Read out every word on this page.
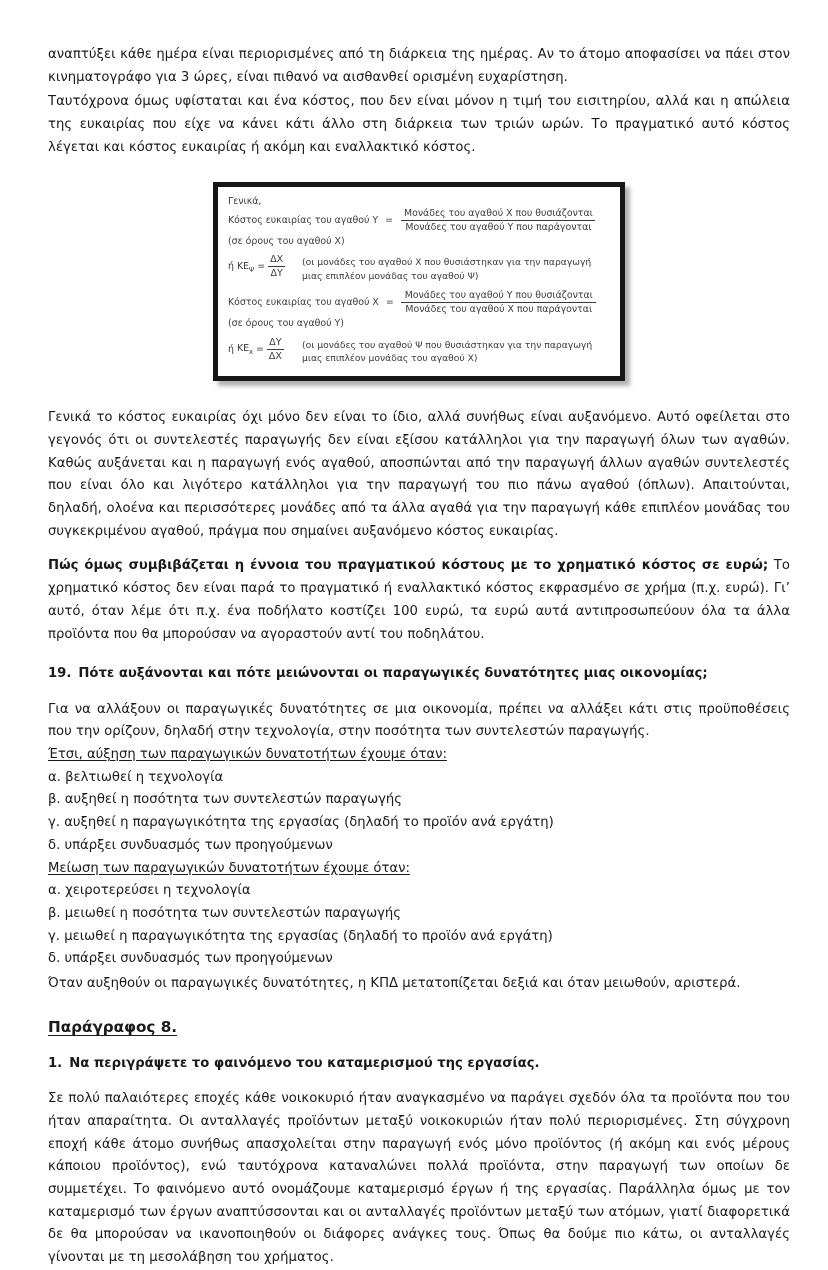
αναπτύξει κάθε ημέρα είναι περιορισμένες από τη διάρκεια της ημέρας. Αν το άτομο αποφασίσει να πάει στον κινηματογράφο για 3 ώρες, είναι πιθανό να αισθανθεί ορισμένη ευχαρίστηση.

Ταυτόχρονα όμως υφίσταται και ένα κόστος, που δεν είναι μόνον η τιμή του εισιτηρίου, αλλά και η απώλεια της ευκαιρίας που είχε να κάνει κάτι άλλο στη διάρκεια των τριών ωρών. Το πραγματικό αυτό κόστος λέγεται και κόστος ευκαιρίας ή ακόμη και εναλλακτικό κόστος.

Γενικά,
Κόστος ευκαιρίας του αγαθού $\Upsilon = \frac{\text{Μονάδες του αγαθού Χ που θυσιάζονται}}{\text{Μονάδες του αγαθού Υ που παράγονται}}$
(σε όρους του αγαθού Χ)
ή $KE_\Psi = \frac{\Delta X}{\Delta\Upsilon} (o\iota$ μονάδες του αγαθού Χ που θυσιάστηκαν για την παραγωγή μιας επιπλέον μονάδας του αγαθού Ψ)
Κόστος ευκαιρίας του αγαθού $X = \frac{\text{Μονάδες του αγαθού Υ που θυσιάζονται}}{\text{Μονάδες του αγαθού Χ που παράγονται}}$
(σε όρους του αγαθού Υ)
ή $KE_x = \frac{\Delta\Upsilon}{\Delta X} (o\iota$ μονάδες του αγαθού Ψ που θυσιάστηκαν για την παραγωγή μιας επιπλέον μονάδας του αγαθού Χ)

Γενικά το κόστος ευκαιρίας όχι μόνο δεν είναι το ίδιο, αλλά συνήθως είναι αυξανόμενο. Αυτό οφείλεται στο γεγονός ότι οι συντελεστές παραγωγής δεν είναι εξίσου κατάλληλοι για την παραγωγή όλων των αγαθών. Καθώς αυξάνεται και η παραγωγή ενός αγαθού, αποσπώνται από την παραγωγή άλλων αγαθών συντελεστές που είναι όλο και λιγότερο κατάλληλοι για την παραγωγή του πιο πάνω αγαθού (όπλων). Απαιτούνται, δηλαδή, ολοένα και περισσότερες μονάδες από τα άλλα αγαθά για την παραγωγή κάθε επιπλέον μονάδας του συγκεκριμένου αγαθού, πράγμα που σημαίνει αυξανόμενο κόστος ευκαιρίας.

Πώς όμως συμβιβάζεται η έννοια του πραγματικού κόστους με το χρηματικό κόστος σε ευρώ; Το χρηματικό κόστος δεν είναι παρά το πραγματικό ή εναλλακτικό κόστος εκφρασμένο σε χρήμα (π.χ. ευρώ). Γι’ αυτό, όταν λέμε ότι π.χ. ένα ποδήλατο κοστίζει 100 ευρώ, τα ευρώ αυτά αντιπροσωπεύουν όλα τα άλλα προϊόντα που θα μπορούσαν να αγοραστούν αντί του ποδηλάτου.

19. Πότε αυξάνονται και πότε μειώνονται οι παραγωγικές δυνατότητες μιας οικονομίας;

Για να αλλάξουν οι παραγωγικές δυνατότητες σε μια οικονομία, πρέπει να αλλάξει κάτι στις προϋποθέσεις που την ορίζουν, δηλαδή στην τεχνολογία, στην ποσότητα των συντελεστών παραγωγής.

Έτσι, αύξηση των παραγωγικών δυνατοτήτων έχουμε όταν:
α. βελτιωθεί η τεχνολογία
β. αυξηθεί η ποσότητα των συντελεστών παραγωγής
γ. αυξηθεί η παραγωγικότητα της εργασίας (δηλαδή το προϊόν ανά εργάτη)
δ. υπάρξει συνδυασμός των προηγούμενων
Μείωση των παραγωγικών δυνατοτήτων έχουμε όταν:
α. χειροτερεύσει η τεχνολογία
β. μειωθεί η ποσότητα των συντελεστών παραγωγής
γ. μειωθεί η παραγωγικότητα της εργασίας (δηλαδή το προϊόν ανά εργάτη)
δ. υπάρξει συνδυασμός των προηγούμενων
Όταν αυξηθούν οι παραγωγικές δυνατότητες, η ΚΠΔ μετατοπίζεται δεξιά και όταν μειωθούν, αριστερά.
Παράγραφος 8.
1. Να περιγράψετε το φαινόμενο του καταμερισμού της εργασίας.

Σε πολύ παλαιότερες εποχές κάθε νοικοκυριό ήταν αναγκασμένο να παράγει σχεδόν όλα τα προϊόντα που του ήταν απαραίτητα. Οι ανταλλαγές προϊόντων μεταξύ νοικοκυριών ήταν πολύ περιορισμένες. Στη σύγχρονη εποχή κάθε άτομο συνήθως απασχολείται στην παραγωγή ενός μόνο προϊόντος (ή ακόμη και ενός μέρους κάποιου προϊόντος), ενώ ταυτόχρονα καταναλώνει πολλά προϊόντα, στην παραγωγή των οποίων δε συμμετέχει. Το φαινόμενο αυτό ονομάζουμε καταμερισμό έργων ή της εργασίας. Παράλληλα όμως με τον καταμερισμό των έργων αναπτύσσονται και οι ανταλλαγές προϊόντων μεταξύ των ατόμων, γιατί διαφορετικά δε θα μπορούσαν να ικανοποιηθούν οι διάφορες ανάγκες τους. Όπως θα δούμε πιο κάτω, οι ανταλλαγές γίνονται με τη μεσολάβηση του χρήματος.
